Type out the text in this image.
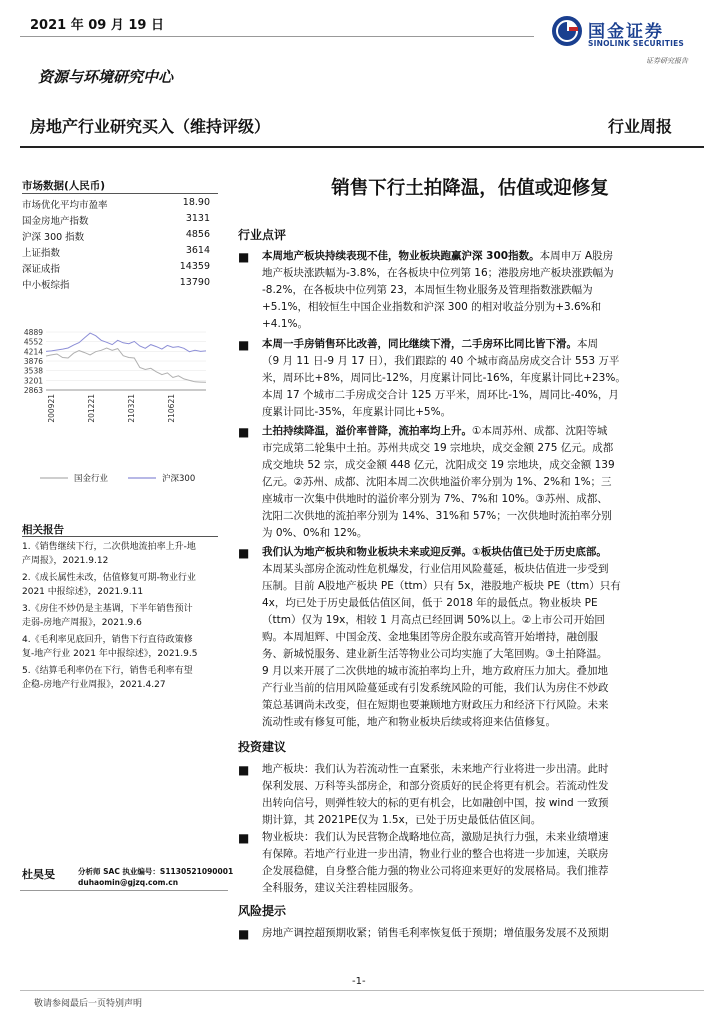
2021 年 09 月 19 日	国金证券
SINOLINK SECURITIES
证券研究报告
资源与环境研究中心
房地产行业研究买入（维持评级）	行业周报
市场数据(人民币)
市场优化平均市盈率	18.90
国金房地产指数	3131
沪深 300 指数	4856
上证指数	3614
深证成指	14359
中小板综指	13790
4889
4552
4214
3876
3538
3201
2863
200921	201221	210321	210621
国金行业	沪深300
相关报告
1.《销售继续下行，二次供地流拍率上升-地
产周报》，2021.9.12
2.《成长属性未改，估值修复可期-物业行业
2021 中报综述》，2021.9.11
3.《房住不炒仍是主基调，下半年销售预计
走弱-房地产周报》，2021.9.6
4.《毛利率见底回升，销售下行直待政策修
复-地产行业 2021 年中报综述》，2021.9.5
5.《结算毛利率仍在下行，销售毛利率有望
企稳-房地产行业周报》，2021.4.27
杜昊旻	分析师 SAC 执业编号：S1130521090001
duhaomin@gjzq.com.cn
销售下行土拍降温，估值或迎修复
行业点评
■ 本周地产板块持续表现不佳，物业板块跑赢沪深 300指数。本周申万 A股房
地产板块涨跌幅为-3.8%，在各板块中位列第 16；港股房地产板块涨跌幅为
-8.2%，在各板块中位列第 23，本周恒生物业服务及管理指数涨跌幅为
+5.1%，相较恒生中国企业指数和沪深 300 的相对收益分别为+3.6%和
+4.1%。
■ 本周一手房销售环比改善，同比继续下滑，二手房环比同比皆下滑。本周
（9 月 11 日-9 月 17 日），我们跟踪的 40 个城市商品房成交合计 553 万平
米，周环比+8%，周同比-12%，月度累计同比-16%，年度累计同比+23%。
本周 17 个城市二手房成交合计 125 万平米，周环比-1%，周同比-40%，月
度累计同比-35%，年度累计同比+5%。
■ 土拍持续降温，溢价率普降，流拍率均上升。①本周苏州、成都、沈阳等城
市完成第二轮集中土拍。苏州共成交 19 宗地块，成交金额 275 亿元。成都
成交地块 52 宗，成交金额 448 亿元，沈阳成交 19 宗地块，成交金额 139
亿元。②苏州、成都、沈阳本周二次供地溢价率分别为 1%、2%和 1%；三
座城市一次集中供地时的溢价率分别为 7%、7%和 10%。③苏州、成都、
沈阳二次供地的流拍率分别为 14%、31%和 57%；一次供地时流拍率分别
为 0%、0%和 12%。
■ 我们认为地产板块和物业板块未来或迎反弹。①板块估值已处于历史底部。
本周某头部房企流动性危机爆发，行业信用风险蔓延，板块估值进一步受到
压制。目前 A股地产板块 PE（ttm）只有 5x，港股地产板块 PE（ttm）只有
4x，均已处于历史最低估值区间，低于 2018 年的最低点。物业板块 PE
（ttm）仅为 19x，相较 1 月高点已经回调 50%以上。②上市公司开始回
购。本周旭辉、中国金茂、金地集团等房企股东或高管开始增持，融创服
务、新城悦服务、建业新生活等物业公司均实施了大笔回购。③土拍降温。
9 月以来开展了二次供地的城市流拍率均上升，地方政府压力加大。叠加地
产行业当前的信用风险蔓延或有引发系统风险的可能，我们认为房住不炒政
策总基调尚未改变，但在短期也要兼顾地方财政压力和经济下行风险。未来
流动性或有修复可能，地产和物业板块后续或将迎来估值修复。
投资建议
■ 地产板块：我们认为若流动性一直紧张，未来地产行业将进一步出清。此时
保利发展、万科等头部房企，和部分资质好的民企将更有机会。若流动性发
出转向信号，则弹性较大的标的更有机会，比如融创中国，按 wind 一致预
期计算，其 2021PE仅为 1.5x，已处于历史最低估值区间。
■ 物业板块：我们认为民营物企战略地位高，激励足执行力强，未来业绩增速
有保障。若地产行业进一步出清，物业行业的整合也将进一步加速，关联房
企发展稳健，自身整合能力强的物业公司将迎来更好的发展格局。我们推荐
全科服务，建议关注碧桂园服务。
风险提示
■ 房地产调控超预期收紧；销售毛利率恢复低于预期；增值服务发展不及预期
-1-
敬请参阅最后一页特别声明
